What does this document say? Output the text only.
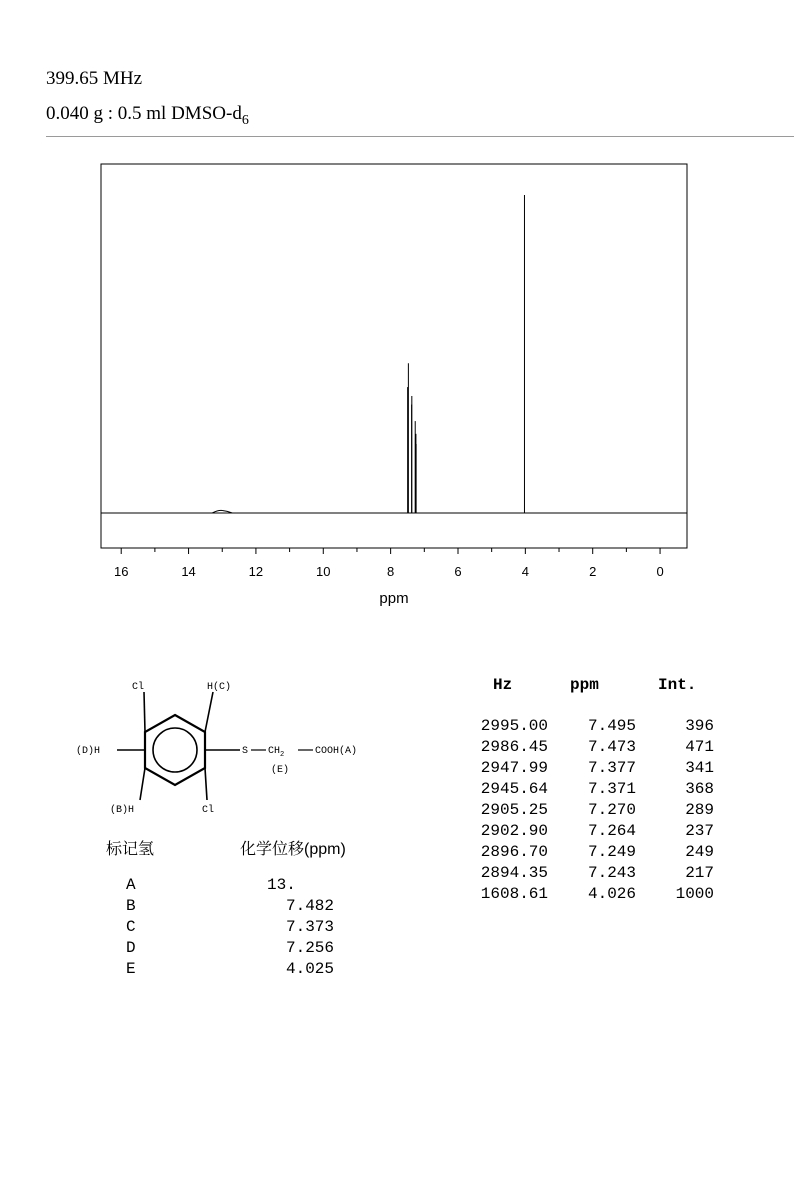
399.65 MHz
0.040 g : 0.5 ml DMSO-$d_6$
16	14	12	10	8	6	4	2	0
ppm
Cl	H(C)
(D)H	S $CH_2$	COOH(A)
(E)
(B)H	Cl
标记氢	化学位移(ppm)
A	13.
B	7.482
C	7.373
D	7.256
E	4.025
Hz	ppm	Int.
2995.00 7.495	396
2986.45 7.473	471
2947.99 7.377	341
2945.64 7.371	368
2905.25 7.270	289
2902.90 7.264	237
2896.70 7.249	249
2894.35 7.243	217
1608.61 4.026 1000
